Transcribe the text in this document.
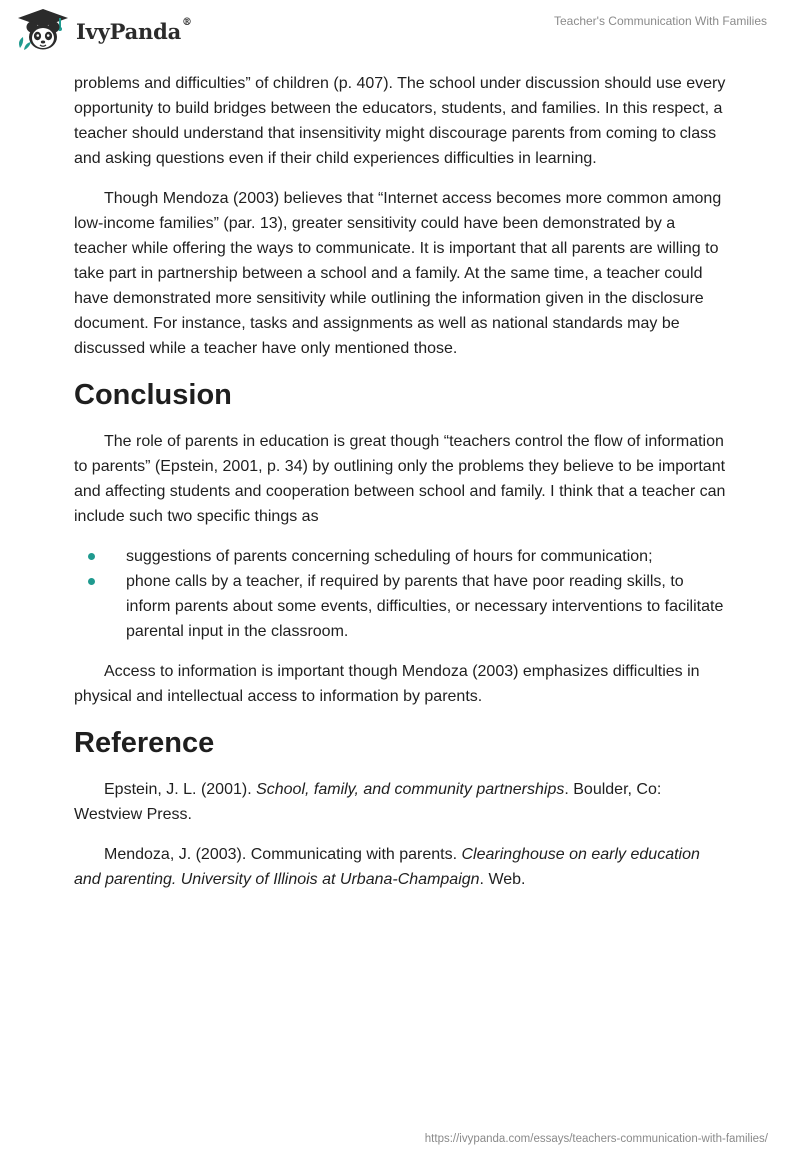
IvyPanda®	Teacher's Communication With Families

problems and difficulties” of children (p. 407). The school under discussion should use every opportunity to build bridges between the educators, students, and families. In this respect, a teacher should understand that insensitivity might discourage parents from coming to class and asking questions even if their child experiences difficulties in learning.

Though Mendoza (2003) believes that “Internet access becomes more common among low-income families” (par. 13), greater sensitivity could have been demonstrated by a teacher while offering the ways to communicate. It is important that all parents are willing to take part in partnership between a school and a family. At the same time, a teacher could have demonstrated more sensitivity while outlining the information given in the disclosure document. For instance, tasks and assignments as well as national standards may be discussed while a teacher have only mentioned those.

Conclusion

The role of parents in education is great though “teachers control the flow of information to parents” (Epstein, 2001, p. 34) by outlining only the problems they believe to be important and affecting students and cooperation between school and family. I think that a teacher can include such two specific things as

suggestions of parents concerning scheduling of hours for communication;
phone calls by a teacher, if required by parents that have poor reading skills, to inform parents about some events, difficulties, or necessary interventions to facilitate parental input in the classroom.

Access to information is important though Mendoza (2003) emphasizes difficulties in physical and intellectual access to information by parents.

Reference

Epstein, J. L. (2001). School, family, and community partnerships. Boulder, Co: Westview Press.

Mendoza, J. (2003). Communicating with parents. Clearinghouse on early education and parenting. University of Illinois at Urbana-Champaign. Web.

https://ivypanda.com/essays/teachers-communication-with-families/
